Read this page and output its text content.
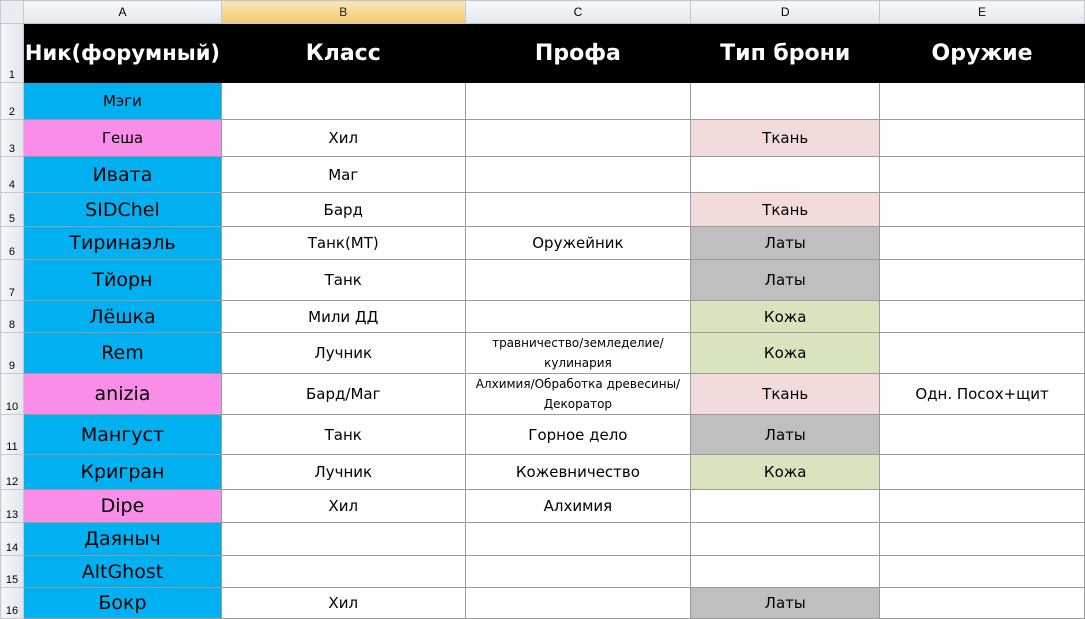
	A	B	C	D	E
1	Ник(форумный)	Класс	Профа	Тип брони	Оружие
2	Мэги				
3	Геша	Хил		Ткань	
4	Ивата	Маг			
5	SIDChel	Бард		Ткань	
6	Тиринаэль	Танк(МТ)	Оружейник	Латы	
7	Тйорн	Танк		Латы	
8	Лёшка	Мили ДД		Кожа	
9	Rem	Лучник	травничество/земледелие/кулинария	Кожа	
10	anizia	Бард/Маг	Алхимия/Обработка древесины/Декоратор	Ткань	Одн. Посох+щит
11	Мангуст	Танк	Горное дело	Латы	
12	Кригран	Лучник	Кожевничество	Кожа	
13	Dipe	Хил	Алхимия		
14	Даяныч				
15	AltGhost				
16	Бокр	Хил		Латы	
